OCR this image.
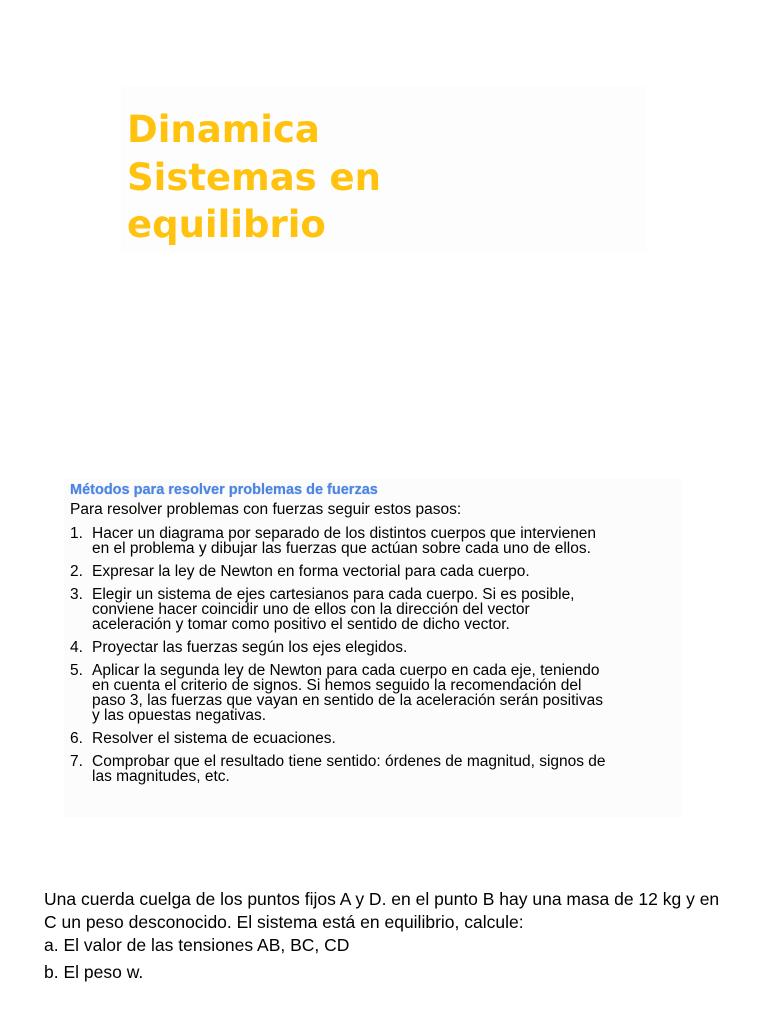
Dinamica
Sistemas en
equilibrio
Métodos para resolver problemas de fuerzas

Para resolver problemas con fuerzas seguir estos pasos:

1. Hacer un diagrama por separado de los distintos cuerpos que intervienen
en el problema y dibujar las fuerzas que actúan sobre cada uno de ellos.
2. Expresar la ley de Newton en forma vectorial para cada cuerpo.
3. Elegir un sistema de ejes cartesianos para cada cuerpo. Si es posible,
conviene hacer coincidir uno de ellos con la dirección del vector
aceleración y tomar como positivo el sentido de dicho vector.
4. Proyectar las fuerzas según los ejes elegidos.
5. Aplicar la segunda ley de Newton para cada cuerpo en cada eje, teniendo
en cuenta el criterio de signos. Si hemos seguido la recomendación del
paso 3, las fuerzas que vayan en sentido de la aceleración serán positivas
y las opuestas negativas.
6. Resolver el sistema de ecuaciones.
7. Comprobar que el resultado tiene sentido: órdenes de magnitud, signos de
las magnitudes, etc.

Una cuerda cuelga de los puntos fijos A y D. en el punto B hay una masa de 12 kg y en C un peso desconocido. El sistema está en equilibrio, calcule:

a. El valor de las tensiones AB, BC, CD

b. El peso w.
